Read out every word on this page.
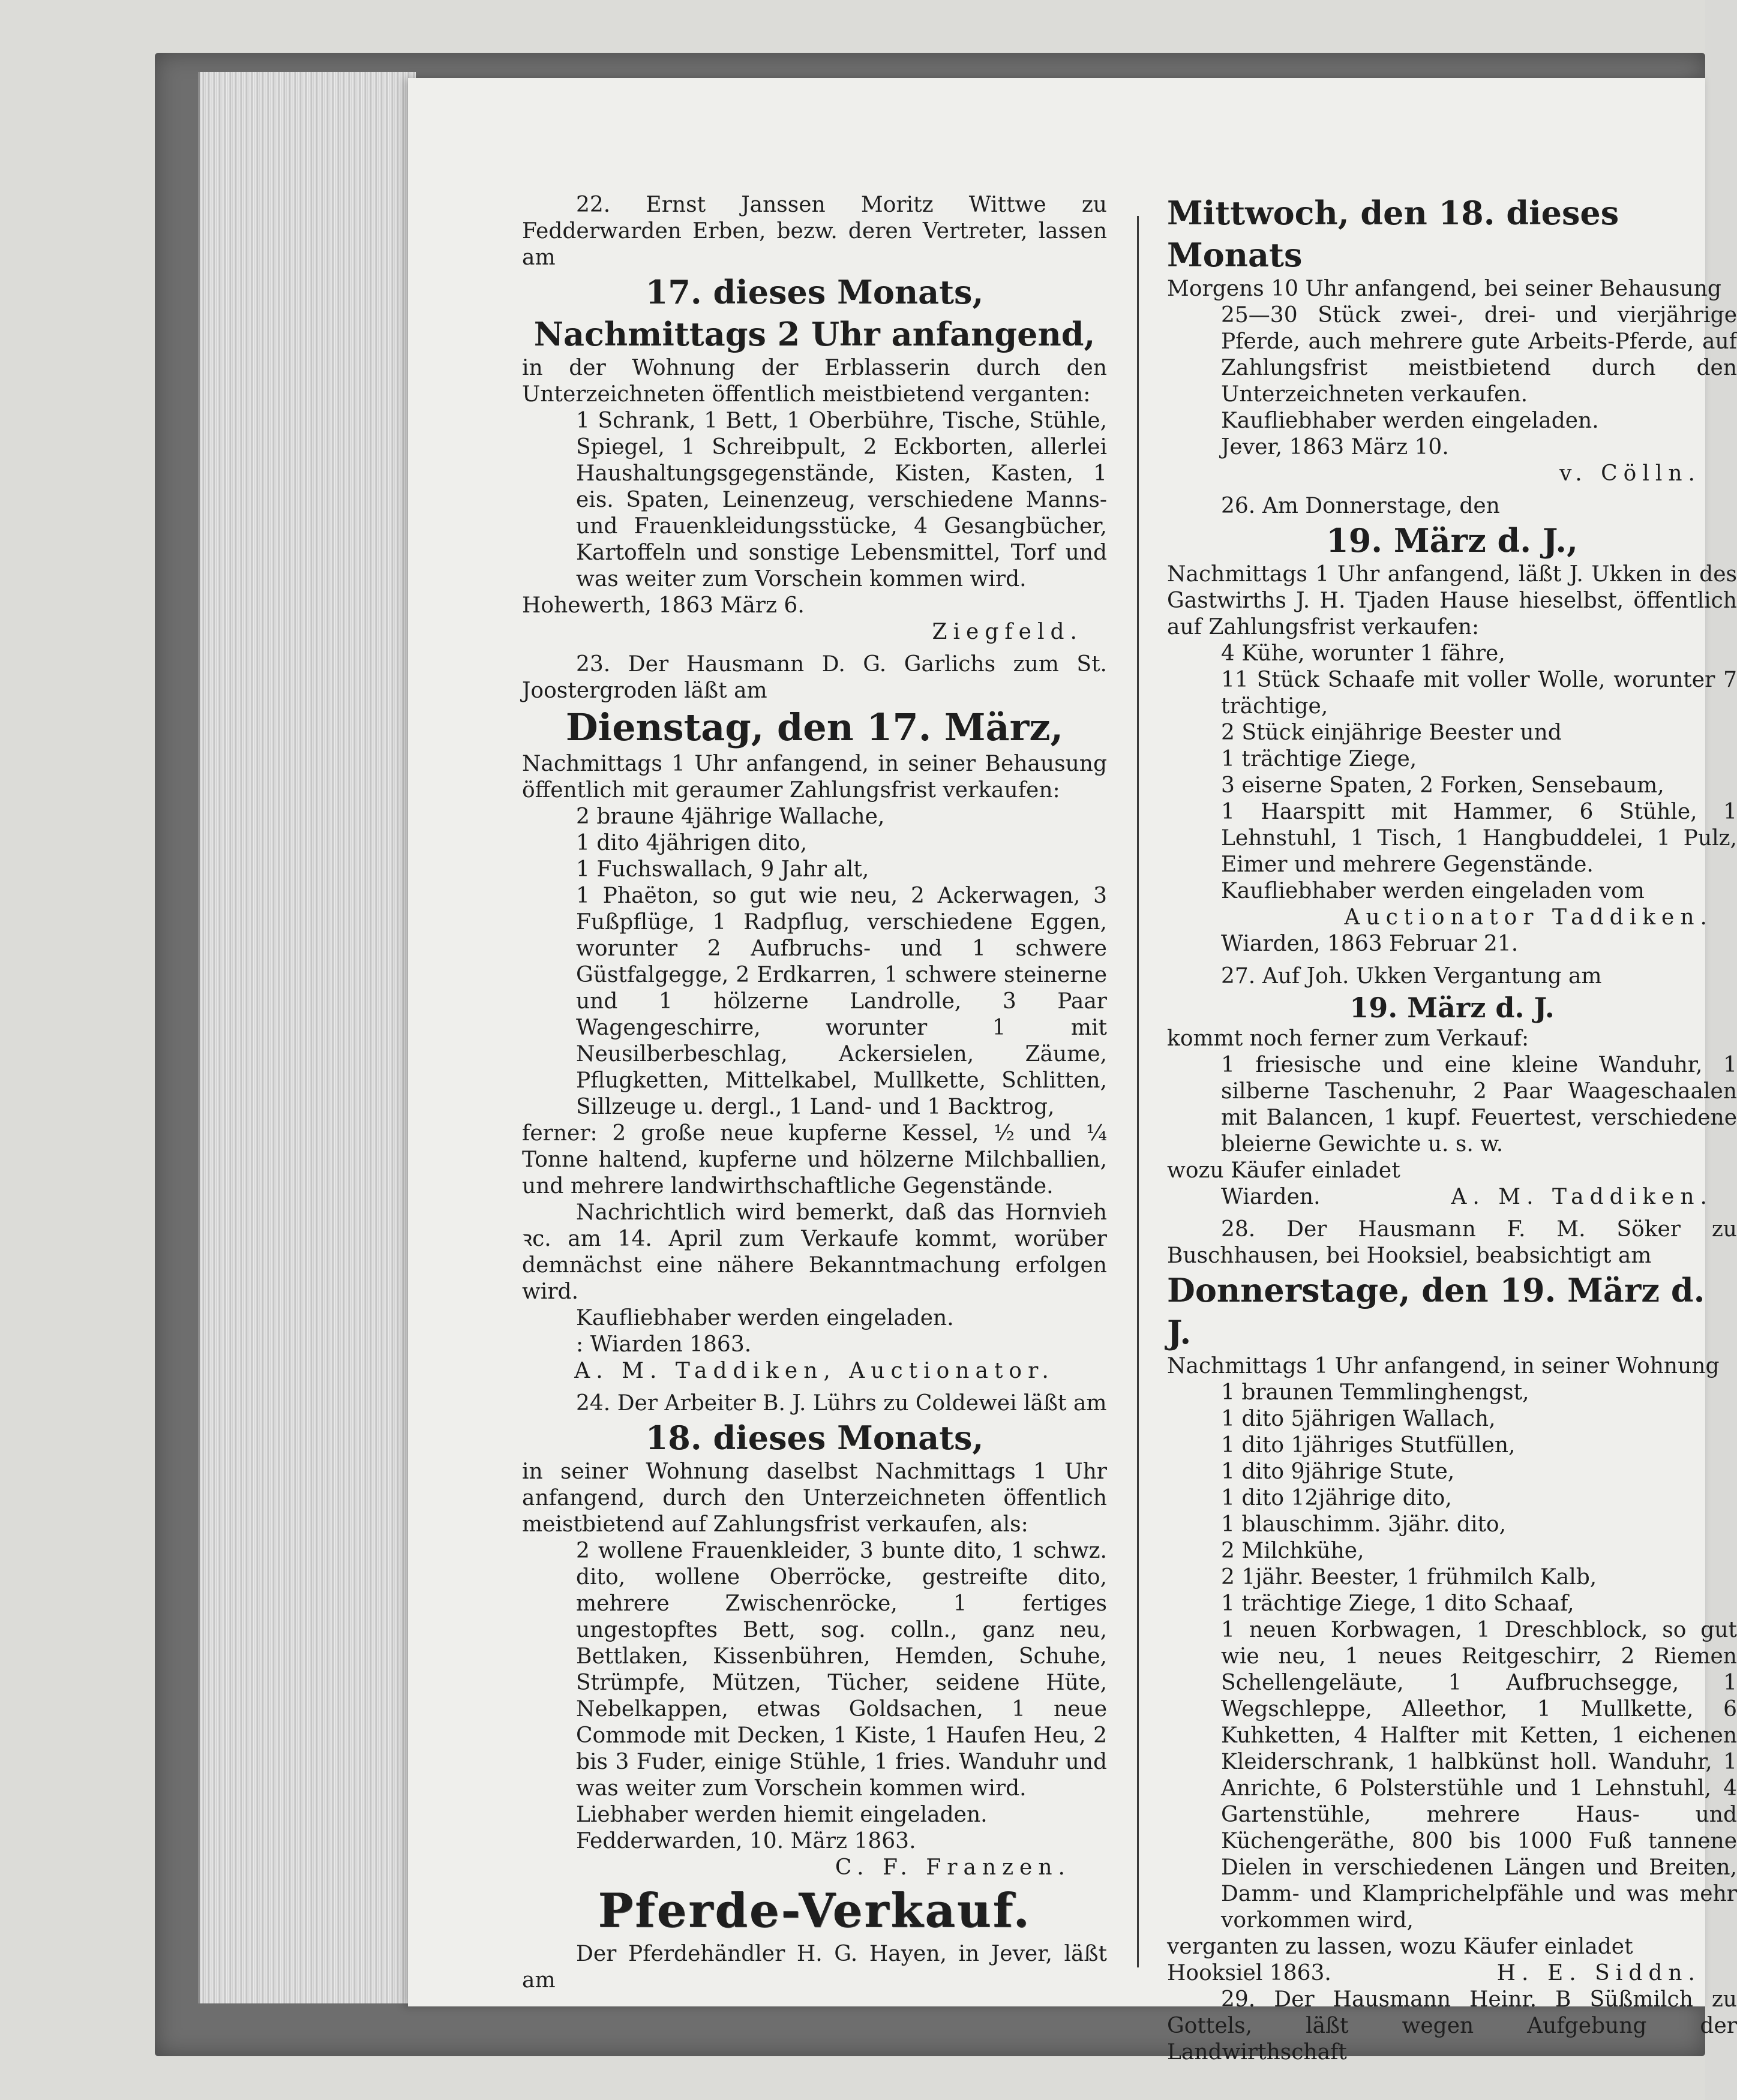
22. Ernst Janssen Moritz Wittwe zu Fedderwarden Erben, bezw. deren Vertreter, lassen am

17. dieses Monats,

Nachmittags 2 Uhr anfangend,

in der Wohnung der Erblasserin durch den Unterzeichneten öffentlich meistbietend verganten:

1 Schrank, 1 Bett, 1 Oberbühre, Tische, Stühle, Spiegel, 1 Schreibpult, 2 Eckborten, allerlei Haushaltungsgegenstände, Kisten, Kasten, 1 eis. Spaten, Leinenzeug, verschiedene Manns- und Frauenkleidungsstücke, 4 Gesangbücher, Kartoffeln und sonstige Lebensmittel, Torf und was weiter zum Vorschein kommen wird.

Hohewerth, 1863 März 6.

Ziegfeld.

23. Der Hausmann D. G. Garlichs zum St. Joostergroden läßt am

Dienstag, den 17. März,

Nachmittags 1 Uhr anfangend, in seiner Behausung öffentlich mit geraumer Zahlungsfrist verkaufen:

2 braune 4jährige Wallache,

1 dito 4jährigen dito,

1 Fuchswallach, 9 Jahr alt,

1 Phaëton, so gut wie neu, 2 Ackerwagen, 3 Fußpflüge, 1 Radpflug, verschiedene Eggen, worunter 2 Aufbruchs- und 1 schwere Güstfalgegge, 2 Erdkarren, 1 schwere steinerne und 1 hölzerne Landrolle, 3 Paar Wagengeschirre, worunter 1 mit Neusilberbeschlag, Ackersielen, Zäume, Pflugketten, Mittelkabel, Mullkette, Schlitten, Sillzeuge u. dergl., 1 Land- und 1 Backtrog,

ferner: 2 große neue kupferne Kessel, ½ und ¼ Tonne haltend, kupferne und hölzerne Milchballien, und mehrere landwirthschaftliche Gegenstände.

Nachrichtlich wird bemerkt, daß das Hornvieh ꝛc. am 14. April zum Verkaufe kommt, worüber demnächst eine nähere Bekanntmachung erfolgen wird.

Kaufliebhaber werden eingeladen.

: Wiarden 1863.

A. M. Taddiken, Auctionator.

24. Der Arbeiter B. J. Lührs zu Coldewei läßt am

18. dieses Monats,

in seiner Wohnung daselbst Nachmittags 1 Uhr anfangend, durch den Unterzeichneten öffentlich meistbietend auf Zahlungsfrist verkaufen, als:

2 wollene Frauenkleider, 3 bunte dito, 1 schwz. dito, wollene Oberröcke, gestreifte dito, mehrere Zwischenröcke, 1 fertiges ungestopftes Bett, sog. colln., ganz neu, Bettlaken, Kissenbühren, Hemden, Schuhe, Strümpfe, Mützen, Tücher, seidene Hüte, Nebelkappen, etwas Goldsachen, 1 neue Commode mit Decken, 1 Kiste, 1 Haufen Heu, 2 bis 3 Fuder, einige Stühle, 1 fries. Wanduhr und was weiter zum Vorschein kommen wird.

Liebhaber werden hiemit eingeladen.

Fedderwarden, 10. März 1863.

C. F. Franzen.

Pferde-Verkauf.

Der Pferdehändler H. G. Hayen, in Jever, läßt am

Mittwoch, den 18. dieses Monats

Morgens 10 Uhr anfangend, bei seiner Behausung

25—30 Stück zwei-, drei- und vierjährige Pferde, auch mehrere gute Arbeits-Pferde, auf Zahlungsfrist meistbietend durch den Unterzeichneten verkaufen.

Kaufliebhaber werden eingeladen.

Jever, 1863 März 10.

v. Cölln.

26. Am Donnerstage, den

19. März d. J.,

Nachmittags 1 Uhr anfangend, läßt J. Ukken in des Gastwirths J. H. Tjaden Hause hieselbst, öffentlich auf Zahlungsfrist verkaufen:

4 Kühe, worunter 1 fähre,

11 Stück Schaafe mit voller Wolle, worunter 7 trächtige,

2 Stück einjährige Beester und

1 trächtige Ziege,

3 eiserne Spaten, 2 Forken, Sensebaum,

1 Haarspitt mit Hammer, 6 Stühle, 1 Lehnstuhl, 1 Tisch, 1 Hangbuddelei, 1 Pulz, Eimer und mehrere Gegenstände.

Kaufliebhaber werden eingeladen vom

Auctionator Taddiken.

Wiarden, 1863 Februar 21.

27. Auf Joh. Ukken Vergantung am

19. März d. J.

kommt noch ferner zum Verkauf:

1 friesische und eine kleine Wanduhr, 1 silberne Taschenuhr, 2 Paar Waageschaalen mit Balancen, 1 kupf. Feuertest, verschiedene bleierne Gewichte u. s. w.

wozu Käufer einladet

Wiarden.	A. M. Taddiken.

28. Der Hausmann F. M. Söker zu Buschhausen, bei Hooksiel, beabsichtigt am

Donnerstage, den 19. März d. J.

Nachmittags 1 Uhr anfangend, in seiner Wohnung

1 braunen Temmlinghengst,

1 dito 5jährigen Wallach,

1 dito 1jähriges Stutfüllen,

1 dito 9jährige Stute,

1 dito 12jährige dito,

1 blauschimm. 3jähr. dito,

2 Milchkühe,

2 1jähr. Beester, 1 frühmilch Kalb,

1 trächtige Ziege, 1 dito Schaaf,

1 neuen Korbwagen, 1 Dreschblock, so gut wie neu, 1 neues Reitgeschirr, 2 Riemen Schellengeläute, 1 Aufbruchsegge, 1 Wegschleppe, Alleethor, 1 Mullkette, 6 Kuhketten, 4 Halfter mit Ketten, 1 eichenen Kleiderschrank, 1 halbkünst holl. Wanduhr, 1 Anrichte, 6 Polsterstühle und 1 Lehnstuhl, 4 Gartenstühle, mehrere Haus- und Küchengeräthe, 800 bis 1000 Fuß tannene Dielen in verschiedenen Längen und Breiten, Damm- und Klamprichelpfähle und was mehr vorkommen wird,

verganten zu lassen, wozu Käufer einladet

Hooksiel 1863.	H. E. Siddn.

29. Der Hausmann Heinr. B Süßmilch zu Gottels, läßt wegen Aufgebung der Landwirthschaft
